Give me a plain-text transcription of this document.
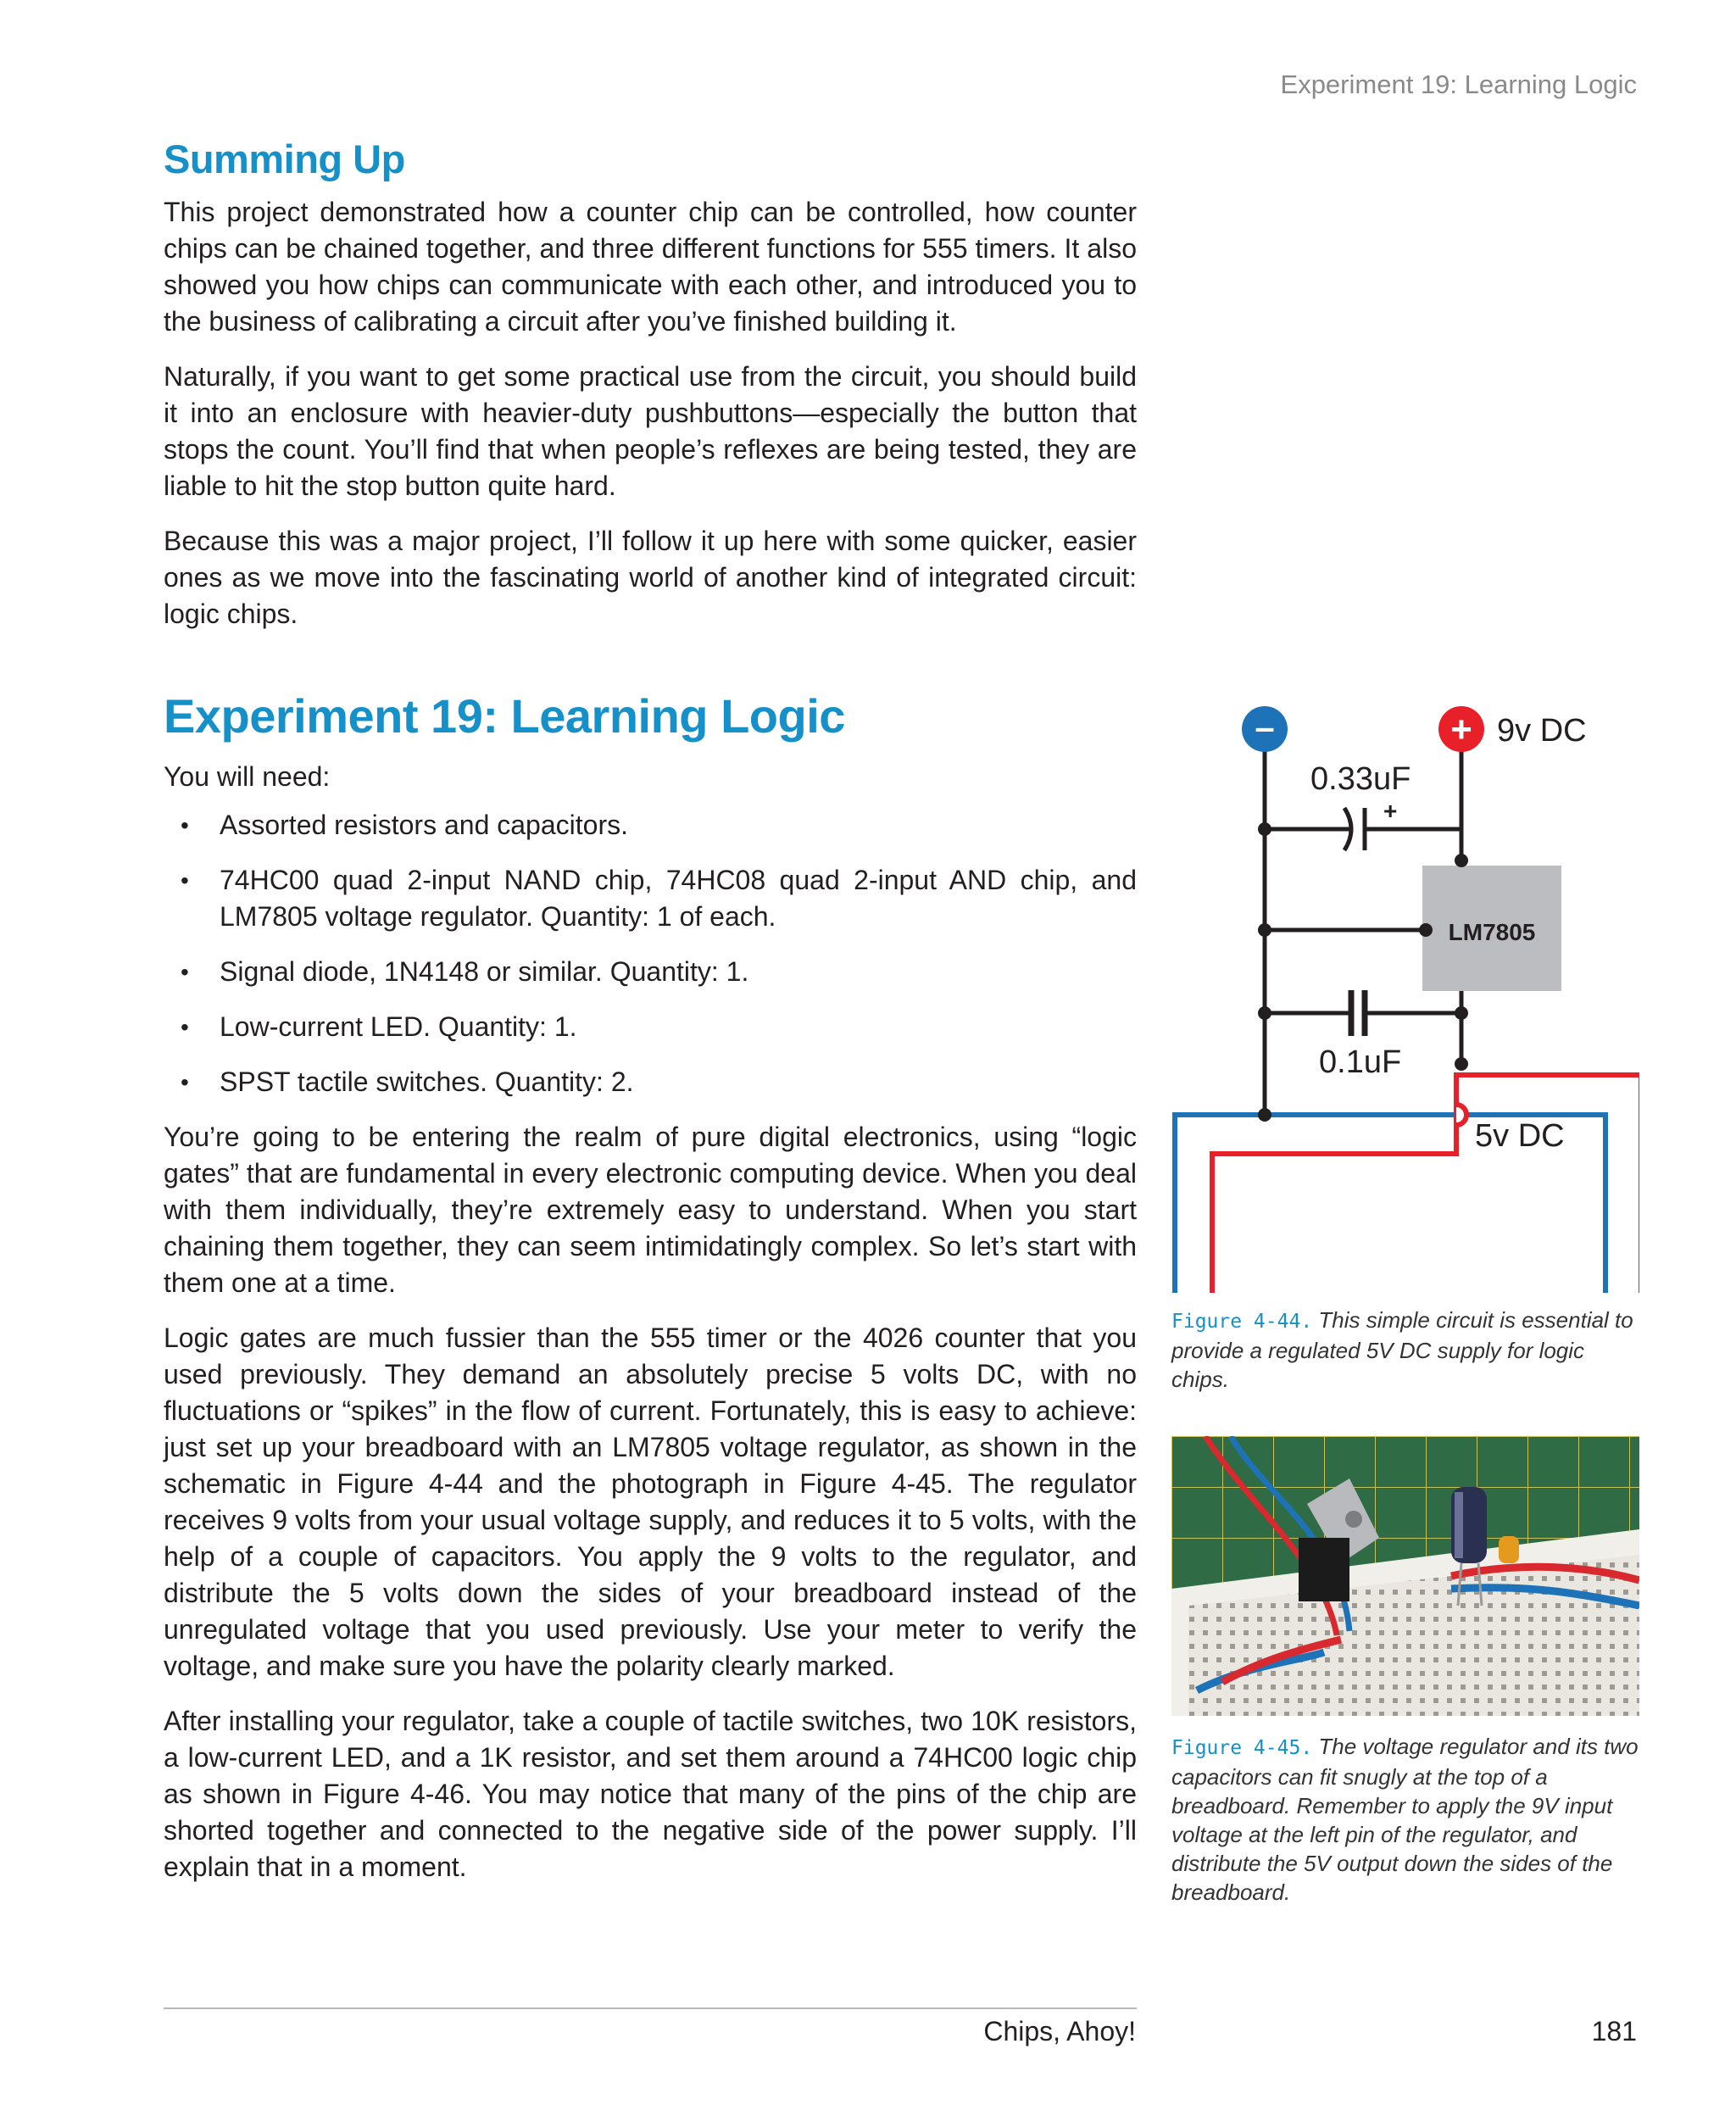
Experiment 19: Learning Logic
Summing Up

This project demonstrated how a counter chip can be controlled, how counter chips can be chained together, and three different functions for 555 timers. It also showed you how chips can communicate with each other, and introduced you to the business of calibrating a circuit after you’ve finished building it.

Naturally, if you want to get some practical use from the circuit, you should build it into an enclosure with heavier-duty pushbuttons—especially the button that stops the count. You’ll find that when people’s reflexes are being tested, they are liable to hit the stop button quite hard.

Because this was a major project, I’ll follow it up here with some quicker, easier ones as we move into the fascinating world of another kind of integrated circuit: logic chips.

Experiment 19: Learning Logic

You will need:

• Assorted resistors and capacitors.
• 74HC00 quad 2-input NAND chip, 74HC08 quad 2-input AND chip, and LM7805 voltage regulator. Quantity: 1 of each.
• Signal diode, 1N4148 or similar. Quantity: 1.
• Low-current LED. Quantity: 1.
• SPST tactile switches. Quantity: 2.

You’re going to be entering the realm of pure digital electronics, using “logic gates” that are fundamental in every electronic computing device. When you deal with them individually, they’re extremely easy to understand. When you start chaining them together, they can seem intimidatingly complex. So let’s start with them one at a time.

Logic gates are much fussier than the 555 timer or the 4026 counter that you used previously. They demand an absolutely precise 5 volts DC, with no fluctuations or “spikes” in the flow of current. Fortunately, this is easy to achieve: just set up your breadboard with an LM7805 voltage regulator, as shown in the schematic in Figure 4-44 and the photograph in Figure 4-45. The regulator receives 9 volts from your usual voltage supply, and reduces it to 5 volts, with the help of a couple of capacitors. You apply the 9 volts to the regulator, and distribute the 5 volts down the sides of your breadboard instead of the unregulated voltage that you used previously. Use your meter to verify the voltage, and make sure you have the polarity clearly marked.

After installing your regulator, take a couple of tactile switches, two 10K resistors, a low-current LED, and a 1K resistor, and set them around a 74HC00 logic chip as shown in Figure 4-46. You may notice that many of the pins of the chip are shorted together and connected to the negative side of the power supply. I’ll explain that in a moment.

LM7805
–	+ 9v DC
0.33uF
+
0.1uF
5v DC
Figure 4-44. This simple circuit is essential to provide a regulated 5V DC supply for logic chips.
Figure 4-45. The voltage regulator and its two capacitors can fit snugly at the top of a breadboard. Remember to apply the 9V input voltage at the left pin of the regulator, and distribute the 5V output down the sides of the breadboard.
Chips, Ahoy!	181
